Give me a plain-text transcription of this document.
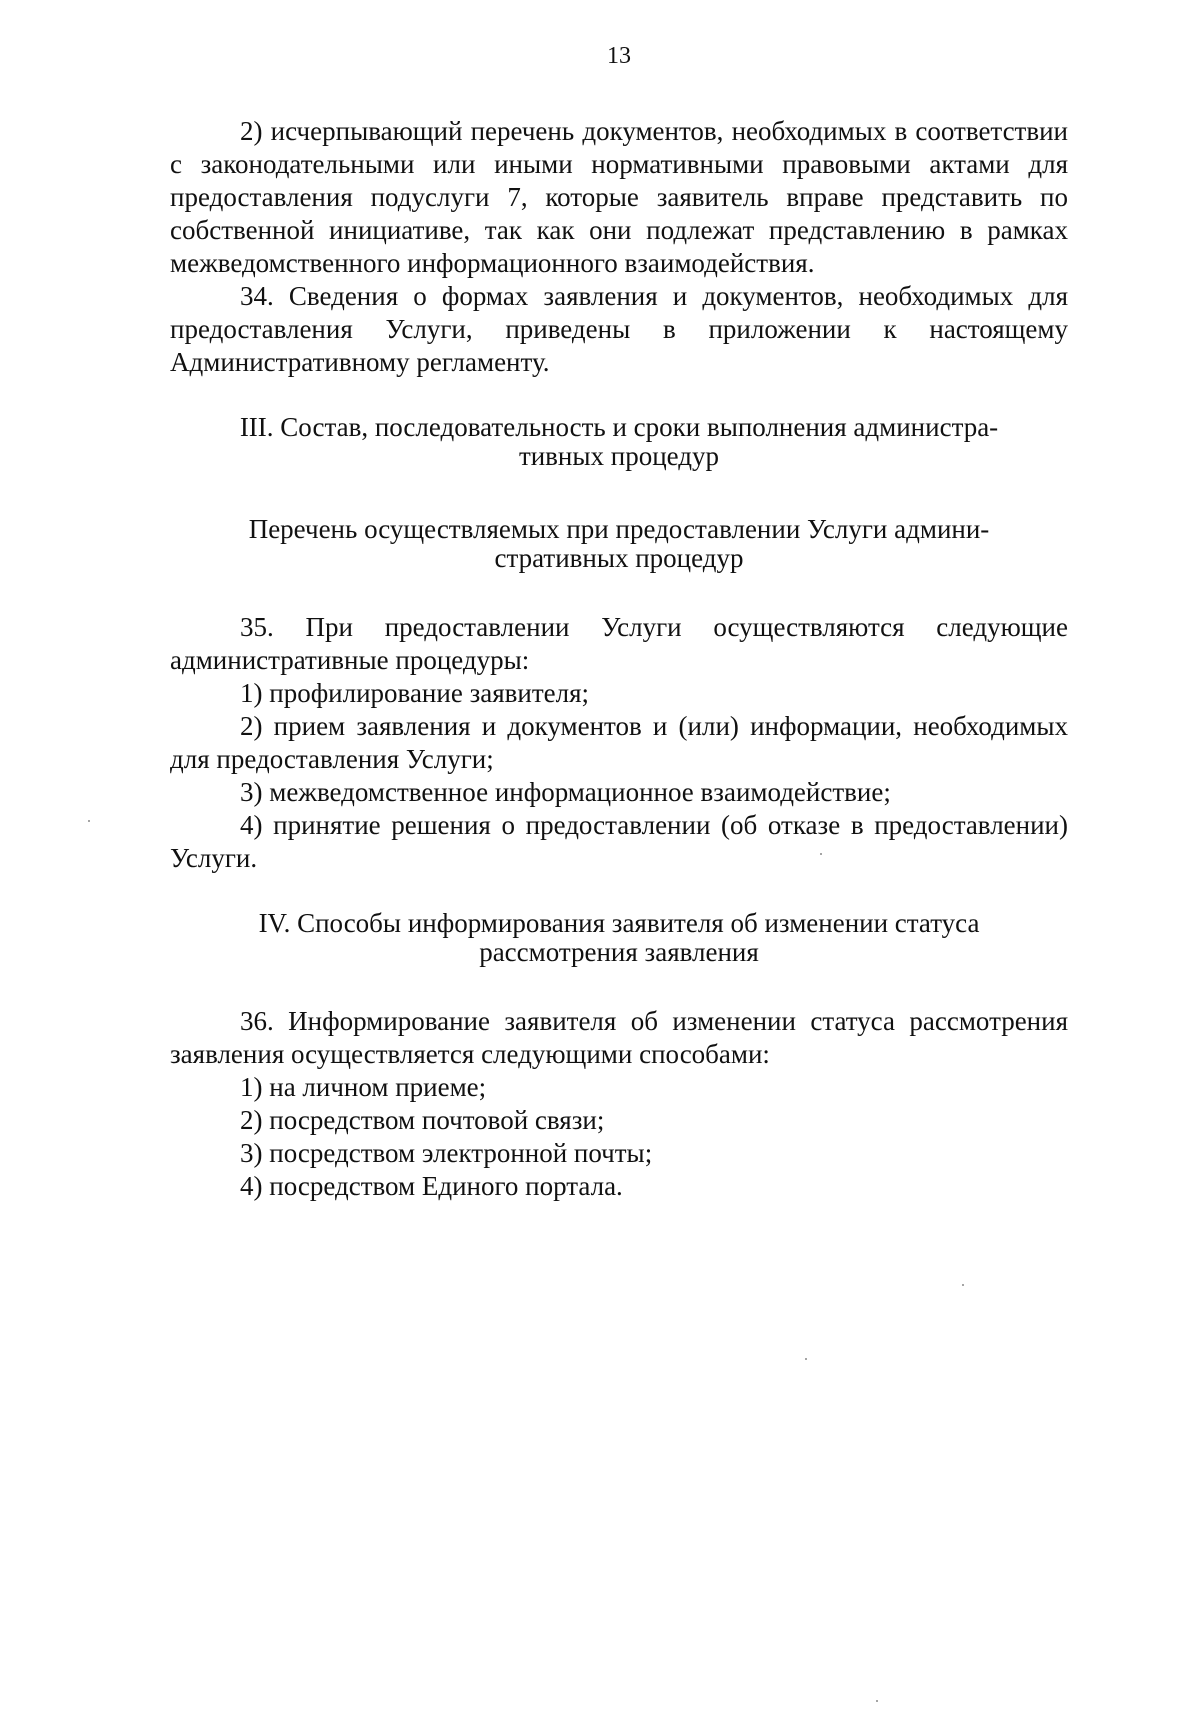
13

2) исчерпывающий перечень документов, необходимых в соответствии с законодательными или иными нормативными правовыми актами для предоставления подуслуги 7, которые заявитель вправе представить по собственной инициативе, так как они подлежат представлению в рамках межведомственного информационного взаимодействия.

34. Сведения о формах заявления и документов, необходимых для предоставления Услуги, приведены в приложении к настоящему Административному регламенту.

III. Состав, последовательность и сроки выполнения администра-

тивных процедур

Перечень осуществляемых при предоставлении Услуги админи-

стративных процедур

35. При предоставлении Услуги осуществляются следующие административные процедуры:

1) профилирование заявителя;

2) прием заявления и документов и (или) информации, необходимых для предоставления Услуги;

3) межведомственное информационное взаимодействие;

4) принятие решения о предоставлении (об отказе в предоставлении) Услуги.

IV. Способы информирования заявителя об изменении статуса

рассмотрения заявления

36. Информирование заявителя об изменении статуса рассмотрения заявления осуществляется следующими способами:

1) на личном приеме;

2) посредством почтовой связи;

3) посредством электронной почты;

4) посредством Единого портала.
